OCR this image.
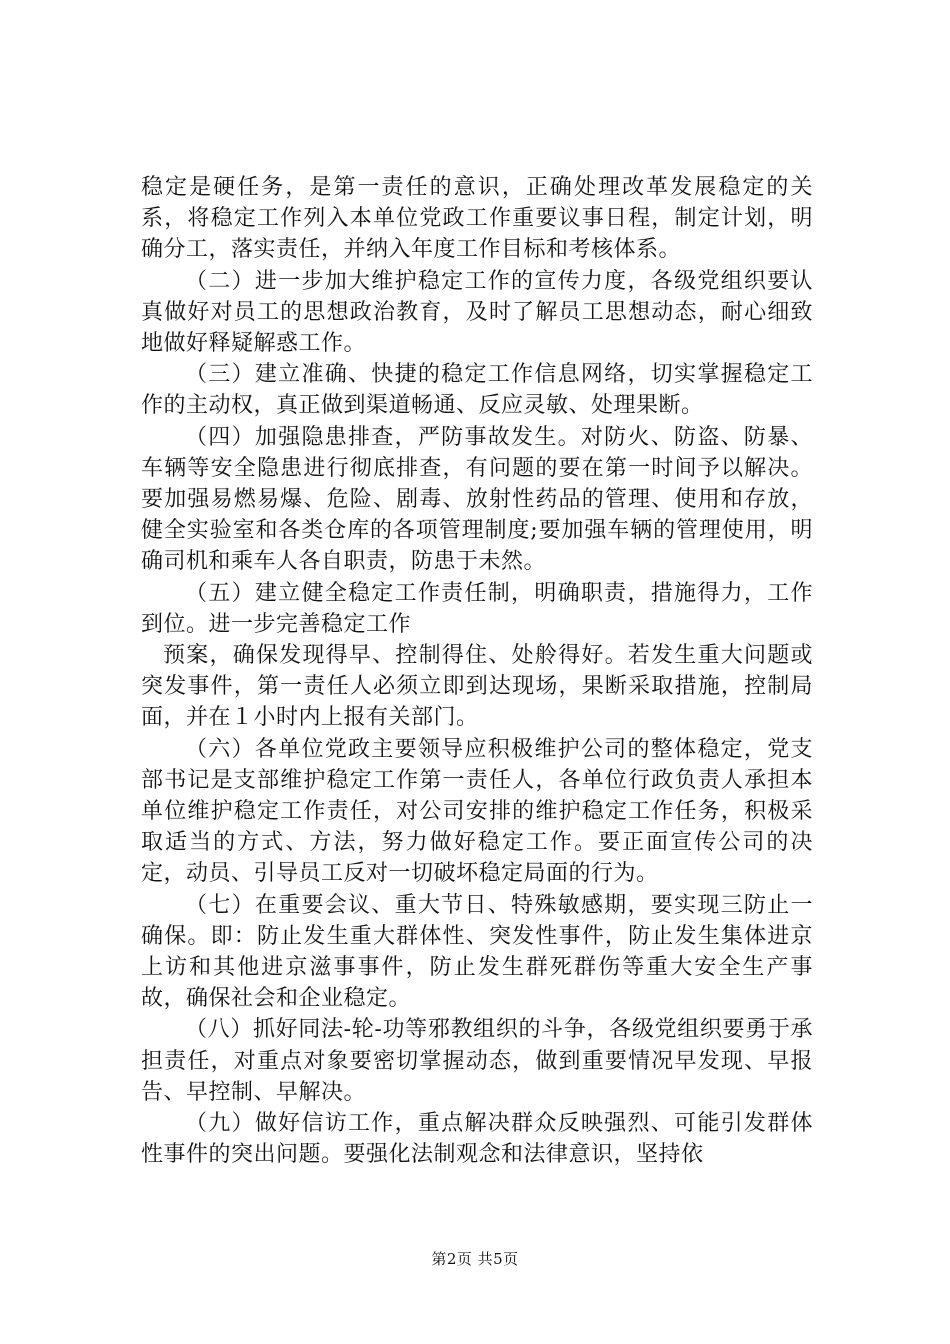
稳定是硬任务，是第一责任的意识，正确处理改革发展稳定的关系，将稳定工作列入本单位党政工作重要议事日程，制定计划，明确分工，落实责任，并纳入年度工作目标和考核体系。

（二）进一步加大维护稳定工作的宣传力度，各级党组织要认真做好对员工的思想政治教育，及时了解员工思想动态，耐心细致地做好释疑解惑工作。

（三）建立准确、快捷的稳定工作信息网络，切实掌握稳定工作的主动权，真正做到渠道畅通、反应灵敏、处理果断。

（四）加强隐患排查，严防事故发生。对防火、防盗、防暴、车辆等安全隐患进行彻底排查，有问题的要在第一时间予以解决。要加强易燃易爆、危险、剧毒、放射性药品的管理、使用和存放，健全实验室和各类仓库的各项管理制度;要加强车辆的管理使用，明确司机和乘车人各自职责，防患于未然。

（五）建立健全稳定工作责任制，明确职责，措施得力，工作到位。进一步完善稳定工作

预案，确保发现得早、控制得住、处舲得好。若发生重大问题或突发事件，第一责任人必须立即到达现场，果断采取措施，控制局面，并在１小时内上报有关部门。

（六）各单位党政主要领导应积极维护公司的整体稳定，党支部书记是支部维护稳定工作第一责任人，各单位行政负责人承担本单位维护稳定工作责任，对公司安排的维护稳定工作任务，积极采取适当的方式、方法，努力做好稳定工作。要正面宣传公司的决定，动员、引导员工反对一切破坏稳定局面的行为。

（七）在重要会议、重大节日、特殊敏感期，要实现三防止一确保。即：防止发生重大群体性、突发性事件，防止发生集体进京上访和其他进京滋事事件，防止发生群死群伤等重大安全生产事故，确保社会和企业稳定。

（八）抓好同法-轮-功等邪教组织的斗争，各级党组织要勇于承担责任，对重点对象要密切掌握动态，做到重要情况早发现、早报告、早控制、早解决。

（九）做好信访工作，重点解决群众反映强烈、可能引发群体性事件的突出问题。要强化法制观念和法律意识，坚持依

第2页 共5页
